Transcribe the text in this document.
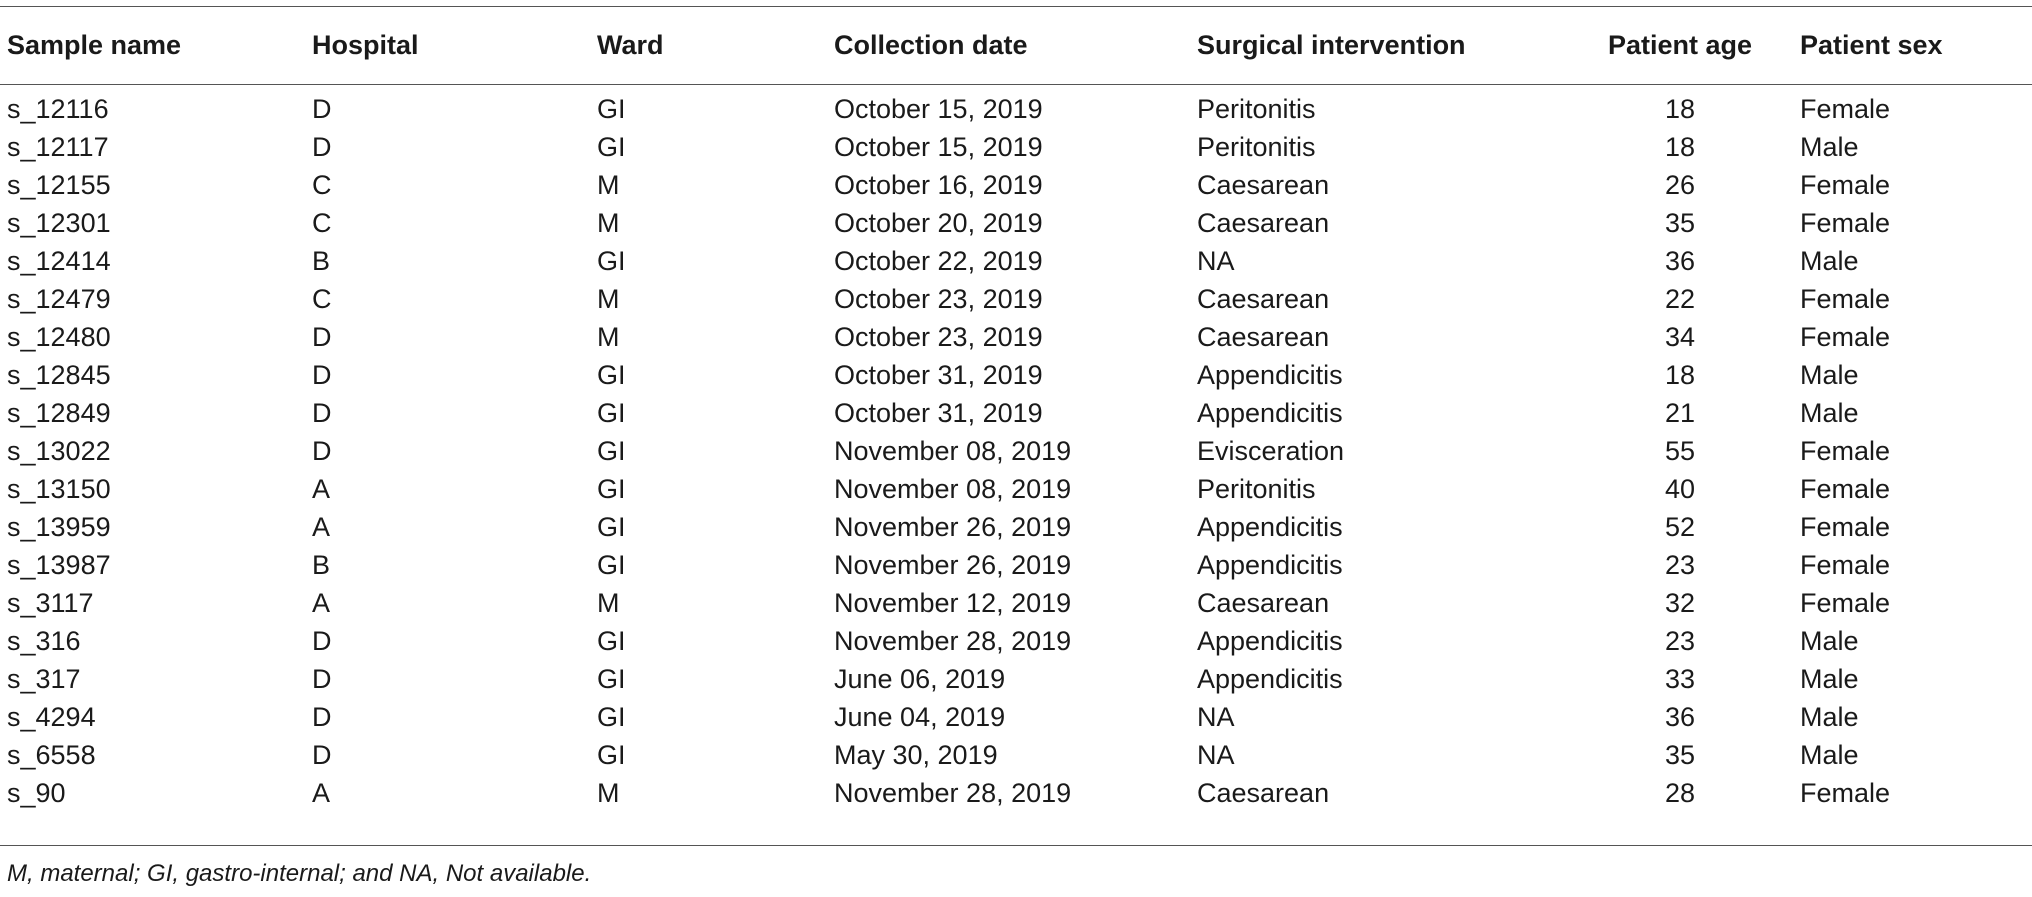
Sample name	Hospital	Ward	Collection date	Surgical intervention	Patient age	Patient sex
s_12116	D	GI	October 15, 2019	Peritonitis	18	Female
s_12117	D	GI	October 15, 2019	Peritonitis	18	Male
s_12155	C	M	October 16, 2019	Caesarean	26	Female
s_12301	C	M	October 20, 2019	Caesarean	35	Female
s_12414	B	GI	October 22, 2019	NA	36	Male
s_12479	C	M	October 23, 2019	Caesarean	22	Female
s_12480	D	M	October 23, 2019	Caesarean	34	Female
s_12845	D	GI	October 31, 2019	Appendicitis	18	Male
s_12849	D	GI	October 31, 2019	Appendicitis	21	Male
s_13022	D	GI	November 08, 2019	Evisceration	55	Female
s_13150	A	GI	November 08, 2019	Peritonitis	40	Female
s_13959	A	GI	November 26, 2019	Appendicitis	52	Female
s_13987	B	GI	November 26, 2019	Appendicitis	23	Female
s_3117	A	M	November 12, 2019	Caesarean	32	Female
s_316	D	GI	November 28, 2019	Appendicitis	23	Male
s_317	D	GI	June 06, 2019	Appendicitis	33	Male
s_4294	D	GI	June 04, 2019	NA	36	Male
s_6558	D	GI	May 30, 2019	NA	35	Male
s_90	A	M	November 28, 2019	Caesarean	28	Female
M, maternal; GI, gastro-internal; and NA, Not available.
